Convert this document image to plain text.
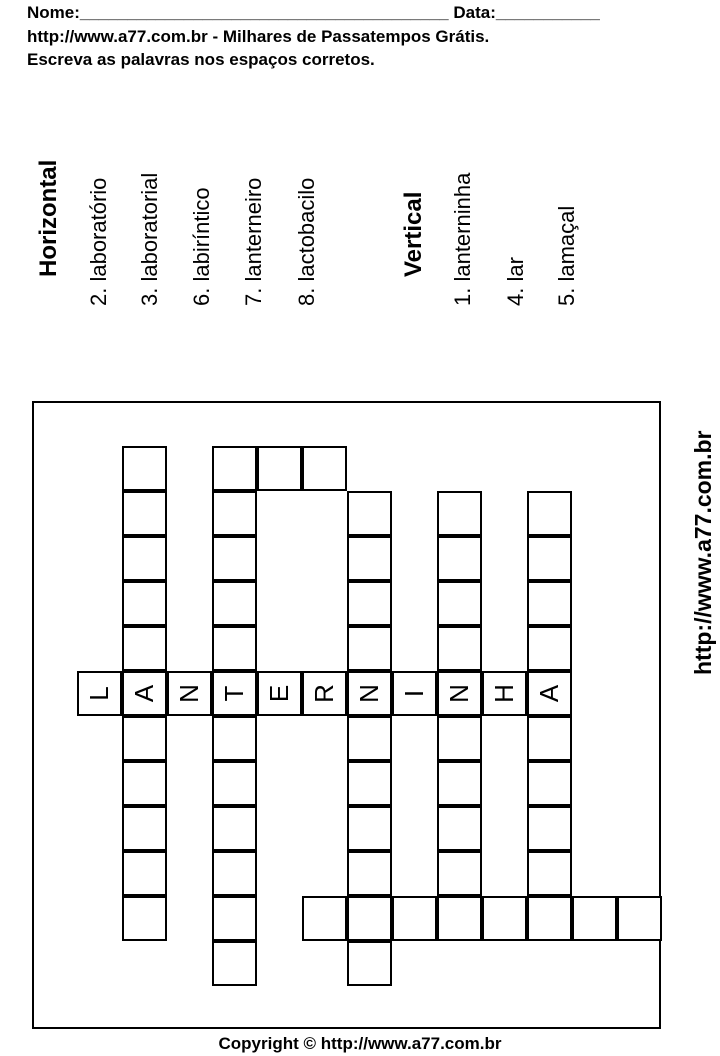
Nome:_______________________________________ Data:___________
http://www.a77.com.br - Milhares de Passatempos Grátis.
Escreva as palavras nos espaços corretos.
Horizontal 2. laboratório 3. laboratorial 6. labiríntico 7. lanterneiro 8. lactobacilo	Vertical 1. lanterninha 4. lar 5. lamaçal
http://www.a77.com.br
L A N T E R N I N H A
Copyright © http://www.a77.com.br
